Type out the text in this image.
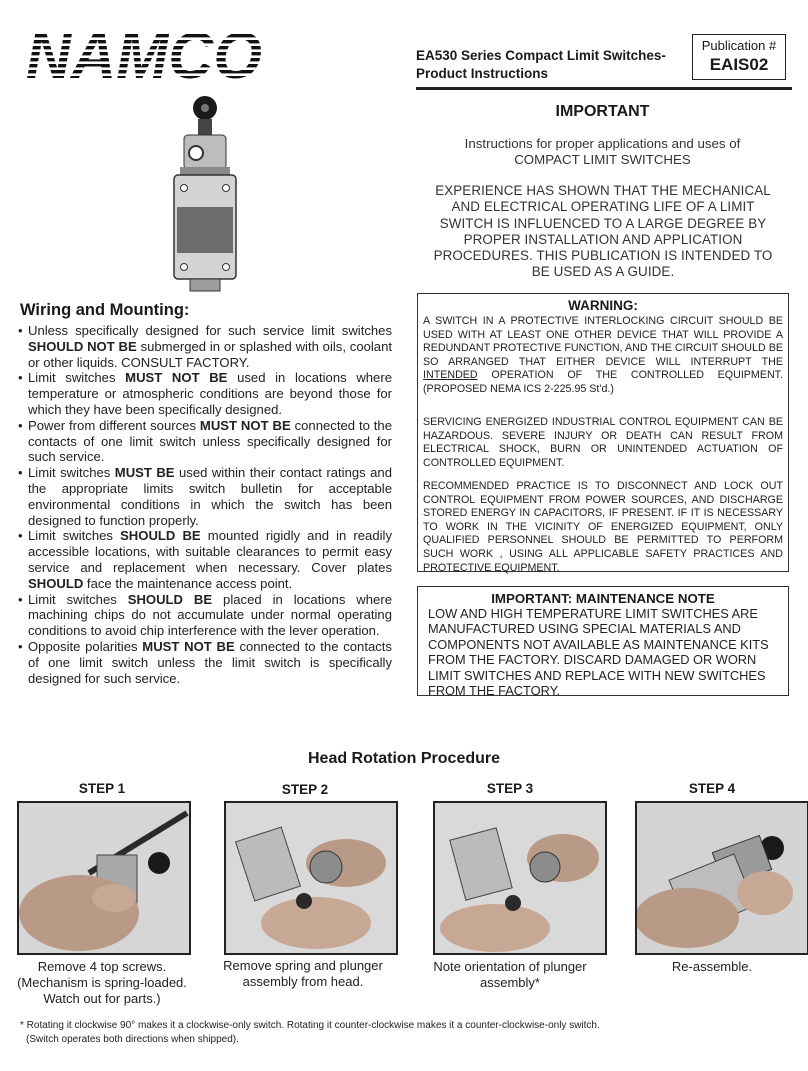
NAMCO	EA530 Series Compact Limit Switches-
Product Instructions
Publication #
EAIS02
IMPORTANT
Instructions for proper applications and uses of
COMPACT LIMIT SWITCHES
EXPERIENCE HAS SHOWN THAT THE MECHANICAL
AND ELECTRICAL OPERATING LIFE OF A LIMIT
SWITCH IS INFLUENCED TO A LARGE DEGREE BY
PROPER INSTALLATION AND APPLICATION
PROCEDURES. THIS PUBLICATION IS INTENDED TO
BE USED AS A GUIDE.
Wiring and Mounting:
• Unless specifically designed for such service limit switches SHOULD NOT BE submerged in or splashed with oils, coolant or other liquids. CONSULT FACTORY.
• Limit switches MUST NOT BE used in locations where temperature or atmospheric conditions are beyond those for which they have been specifically designed.
• Power from different sources MUST NOT BE connected to the contacts of one limit switch unless specifically designed for such service.
• Limit switches MUST BE used within their contact ratings and the appropriate limits switch bulletin for acceptable environmental conditions in which the switch has been designed to function properly.
• Limit switches SHOULD BE mounted rigidly and in readily accessible locations, with suitable clearances to permit easy service and replacement when necessary. Cover plates SHOULD face the maintenance access point.
• Limit switches SHOULD BE placed in locations where machining chips do not accumulate under normal operating conditions to avoid chip interference with the lever operation.
• Opposite polarities MUST NOT BE connected to the contacts of one limit switch unless the limit switch is specifically designed for such service.
WARNING:

A SWITCH IN A PROTECTIVE INTERLOCKING CIRCUIT SHOULD BE USED WITH AT LEAST ONE OTHER DEVICE THAT WILL PROVIDE A REDUNDANT PROTECTIVE FUNCTION, AND THE CIRCUIT SHOULD BE SO ARRANGED THAT EITHER DEVICE WILL INTERRUPT THE INTENDED OPERATION OF THE CONTROLLED EQUIPMENT. (PROPOSED NEMA ICS 2-225.95 St'd.)

SERVICING ENERGIZED INDUSTRIAL CONTROL EQUIPMENT CAN BE HAZARDOUS. SEVERE INJURY OR DEATH CAN RESULT FROM ELECTRICAL SHOCK, BURN OR UNINTENDED ACTUATION OF CONTROLLED EQUIPMENT.

RECOMMENDED PRACTICE IS TO DISCONNECT AND LOCK OUT CONTROL EQUIPMENT FROM POWER SOURCES, AND DISCHARGE STORED ENERGY IN CAPACITORS, IF PRESENT. IF IT IS NECESSARY TO WORK IN THE VICINITY OF ENERGIZED EQUIPMENT, ONLY QUALIFIED PERSONNEL SHOULD BE PERMITTED TO PERFORM SUCH WORK , USING ALL APPLICABLE SAFETY PRACTICES AND PROTECTIVE EQUIPMENT.

IMPORTANT: MAINTENANCE NOTE
LOW AND HIGH TEMPERATURE LIMIT SWITCHES ARE
MANUFACTURED USING SPECIAL MATERIALS AND
COMPONENTS NOT AVAILABLE AS MAINTENANCE KITS
FROM THE FACTORY. DISCARD DAMAGED OR WORN
LIMIT SWITCHES AND REPLACE WITH NEW SWITCHES
FROM THE FACTORY.
Head Rotation Procedure
STEP 1
Remove 4 top screws.
(Mechanism is spring-loaded.
Watch out for parts.)
STEP 2
Remove spring and plunger
assembly from head.
STEP 3
Note orientation of plunger
assembly*
STEP 4
Re-assemble.
* Rotating it clockwise 90° makes it a clockwise-only switch. Rotating it counter-clockwise makes it a counter-clockwise-only switch.
(Switch operates both directions when shipped).
